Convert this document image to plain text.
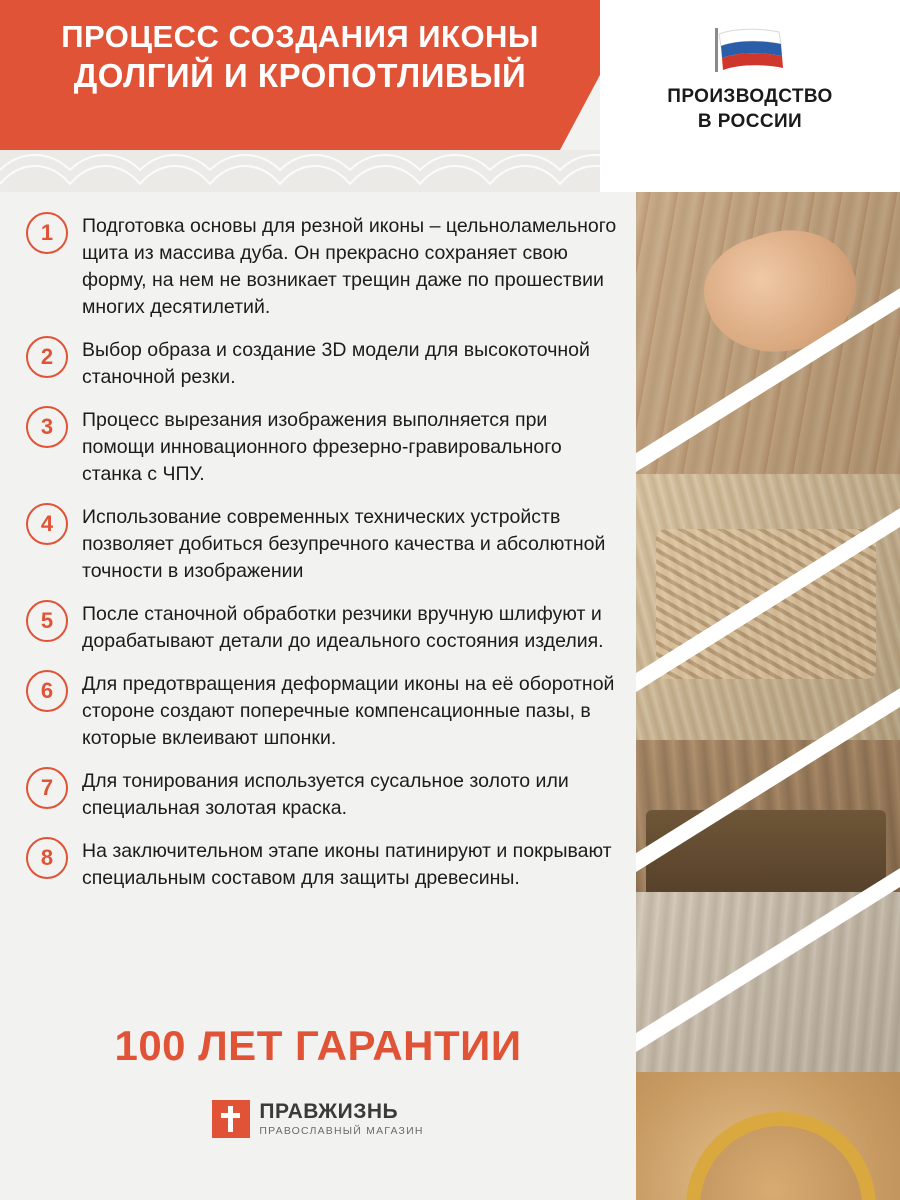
ПРОЦЕСС СОЗДАНИЯ ИКОНЫ
ДОЛГИЙ И КРОПОТЛИВЫЙ
ПРОИЗВОДСТВО
В РОССИИ
1	Подготовка основы для резной иконы – цельноламельного щита из массива дуба. Он прекрасно сохраняет свою форму, на нем не возникает трещин даже по прошествии многих десятилетий.
2	Выбор образа и создание 3D модели для высокоточной станочной резки.
3	Процесс вырезания изображения выполняется при помощи инновационного фрезерно-гравировального станка с ЧПУ.
4	Использование современных технических устройств позволяет добиться безупречного качества и абсолютной точности в изображении
5	После станочной обработки резчики вручную шлифуют и дорабатывают детали до идеального состояния изделия.
6	Для предотвращения деформации иконы на её оборотной стороне создают поперечные компенсационные пазы, в которые вклеивают шпонки.
7	Для тонирования используется сусальное золото или специальная золотая краска.
8	На заключительном этапе иконы патинируют и покрывают специальным составом для защиты древесины.
100 ЛЕТ ГАРАНТИИ
ПРАВЖИЗНЬ
ПРАВОСЛАВНЫЙ МАГАЗИН
